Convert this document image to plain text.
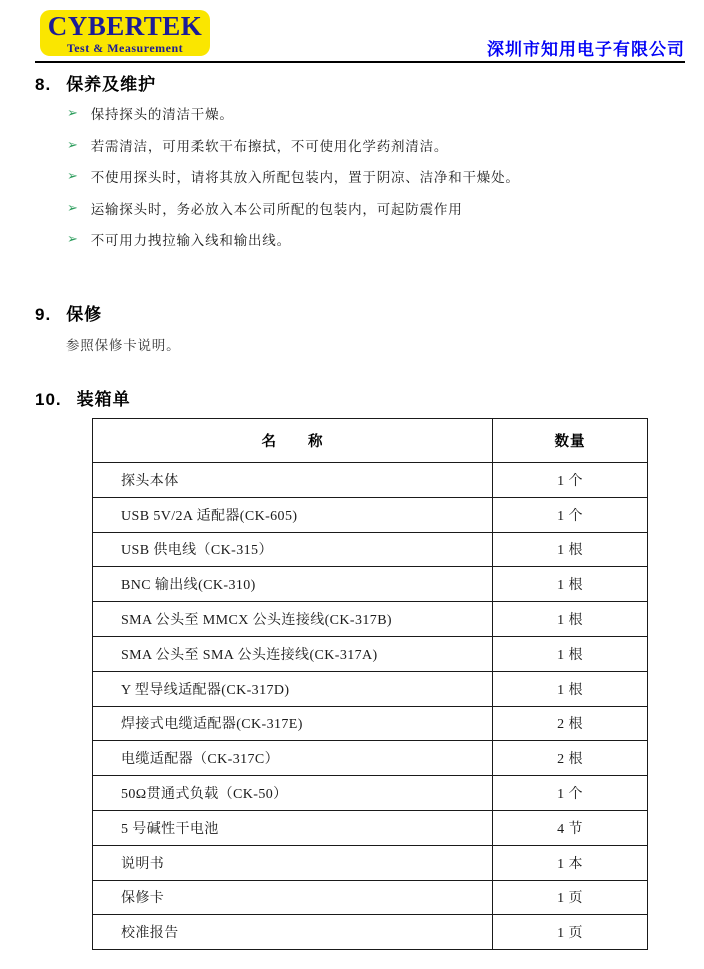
CYBERTEK
Test & Measurement	深圳市知用电子有限公司
8. 保养及维护
➢ 保持探头的清洁干燥。
➢ 若需清洁，可用柔软干布擦拭，不可使用化学药剂清洁。
➢ 不使用探头时，请将其放入所配包装内，置于阴凉、洁净和干燥处。
➢ 运输探头时，务必放入本公司所配的包装内，可起防震作用
➢ 不可用力拽拉输入线和输出线。
9. 保修
参照保修卡说明。
10. 装箱单
名　　称	数量
探头本体	1 个
USB 5V/2A 适配器(CK-605)	1 个
USB 供电线（CK-315）	1 根
BNC 输出线(CK-310)	1 根
SMA 公头至 MMCX 公头连接线(CK-317B)	1 根
SMA 公头至 SMA 公头连接线(CK-317A)	1 根
Y 型导线适配器(CK-317D)	1 根
焊接式电缆适配器(CK-317E)	2 根
电缆适配器（CK-317C）	2 根
50Ω贯通式负载（CK-50）	1 个
5 号碱性干电池	4 节
说明书	1 本
保修卡	1 页
校准报告	1 页
